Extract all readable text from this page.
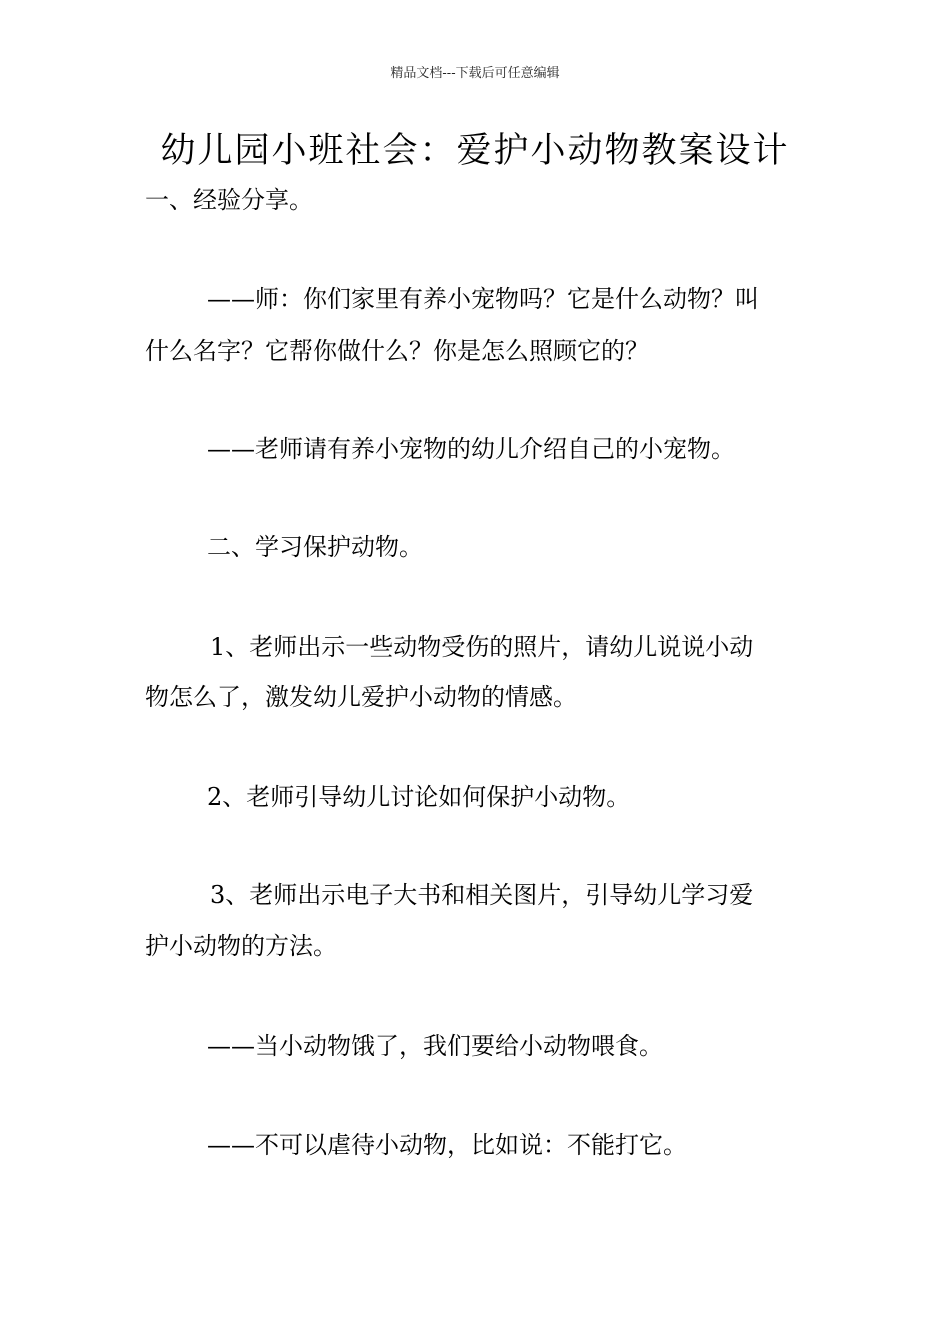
精品文档---下载后可任意编辑
幼儿园小班社会：爱护小动物教案设计
一、经验分享。
——师：你们家里有养小宠物吗？它是什么动物？叫
什么名字？它帮你做什么？你是怎么照顾它的？
——老师请有养小宠物的幼儿介绍自己的小宠物。
二、学习保护动物。
1、老师出示一些动物受伤的照片，请幼儿说说小动
物怎么了，激发幼儿爱护小动物的情感。
2、老师引导幼儿讨论如何保护小动物。
3、老师出示电子大书和相关图片，引导幼儿学习爱
护小动物的方法。
——当小动物饿了，我们要给小动物喂食。
——不可以虐待小动物，比如说：不能打它。
